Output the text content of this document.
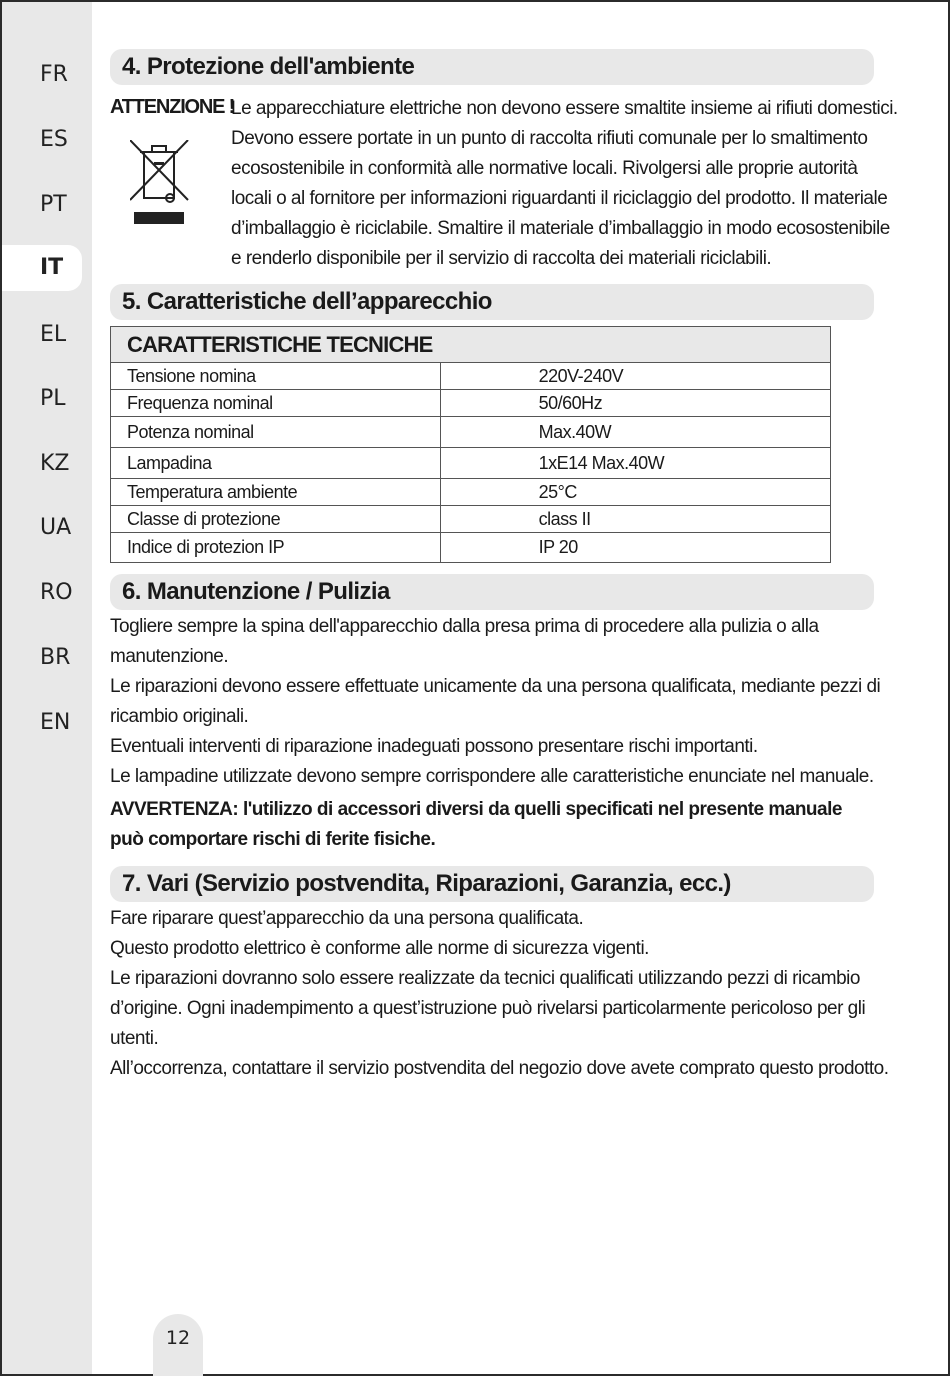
FR
ES
PT
IT
EL
PL
KZ
UA
RO
BR
EN
4. Protezione dell'ambiente
ATTENZIONE !
Le apparecchiature elettriche non devono essere smaltite insieme ai rifiuti domestici.
Devono essere portate in un punto di raccolta rifiuti comunale per lo smaltimento
ecosostenibile in conformità alle normative locali. Rivolgersi alle proprie autorità
locali o al fornitore per informazioni riguardanti il riciclaggio del prodotto. Il materiale
d’imballaggio è riciclabile. Smaltire il materiale d’imballaggio in modo ecosostenibile
e renderlo disponibile per il servizio di raccolta dei materiali riciclabili.
5. Caratteristiche dell’apparecchio
CARATTERISTICHE TECNICHE	
Tensione nomina	220V-240V
Frequenza nominal	50/60Hz
Potenza nominal	Max.40W
Lampadina	1xE14 Max.40W
Temperatura ambiente	25°C
Classe di protezione	class II
Indice di protezion IP	IP 20
6. Manutenzione / Pulizia
Togliere sempre la spina dell'apparecchio dalla presa prima di procedere alla pulizia o alla
manutenzione.
Le riparazioni devono essere effettuate unicamente da una persona qualificata, mediante pezzi di
ricambio originali.
Eventuali interventi di riparazione inadeguati possono presentare rischi importanti.
Le lampadine utilizzate devono sempre corrispondere alle caratteristiche enunciate nel manuale.
AVVERTENZA: l'utilizzo di accessori diversi da quelli specificati nel presente manuale
può comportare rischi di ferite fisiche.
7. Vari (Servizio postvendita, Riparazioni, Garanzia, ecc.)
Fare riparare quest’apparecchio da una persona qualificata.
Questo prodotto elettrico è conforme alle norme di sicurezza vigenti.
Le riparazioni dovranno solo essere realizzate da tecnici qualificati utilizzando pezzi di ricambio
d’origine. Ogni inadempimento a quest’istruzione può rivelarsi particolarmente pericoloso per gli
utenti.
All’occorrenza, contattare il servizio postvendita del negozio dove avete comprato questo prodotto.
12
